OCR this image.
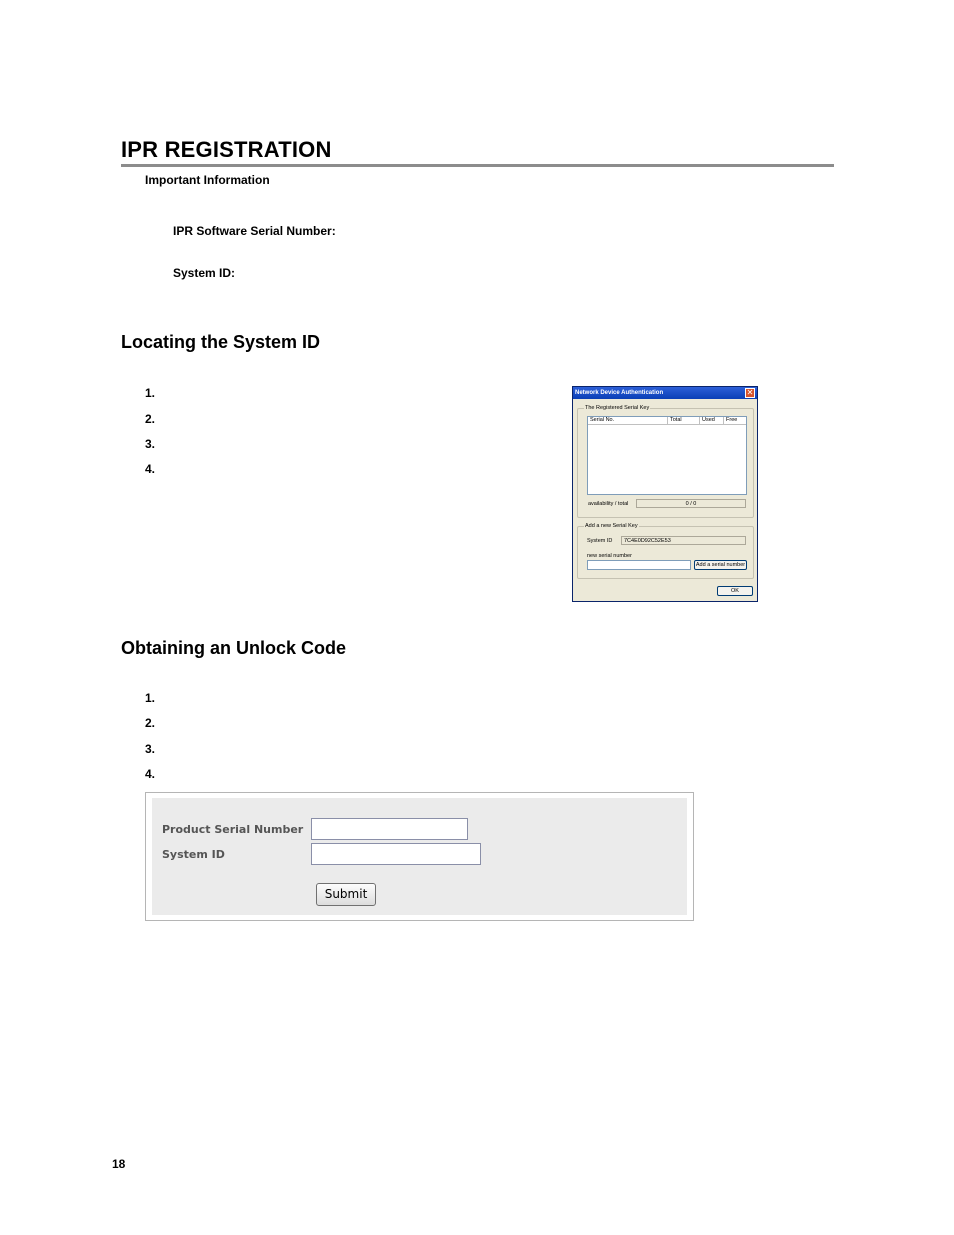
IPR REGISTRATION
Important Information
IPR Software Serial Number:
System ID:
Locating the System ID
1.
2.
3.
4.
Network Device Authentication	✕
The Registered Serial Key
Serial No.	Total	Used	Free
availability / total	0 / 0
Add a new Serial Key
System ID	7C4E0D92C52E53
new serial number
Add a serial number
OK
Obtaining an Unlock Code
1.
2.
3.
4.
Product Serial Number
System ID
Submit
18
